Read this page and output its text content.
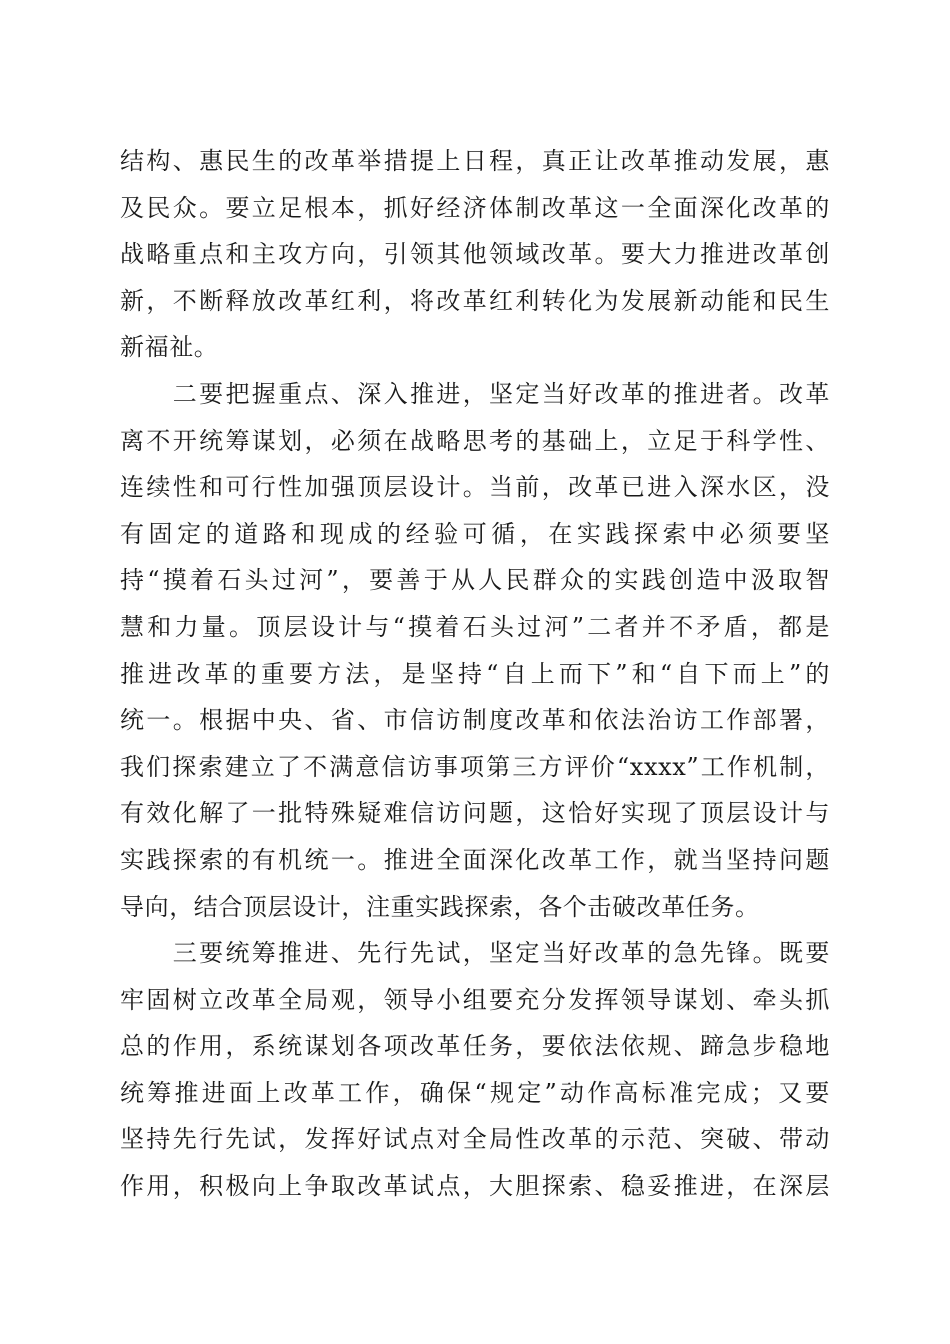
结构、惠民生的改革举措提上日程，真正让改革推动发展，惠
及民众。要立足根本，抓好经济体制改革这一全面深化改革的
战略重点和主攻方向，引领其他领域改革。要大力推进改革创
新，不断释放改革红利，将改革红利转化为发展新动能和民生
新福祉。
　　二要把握重点、深入推进，坚定当好改革的推进者。改革
离不开统筹谋划，必须在战略思考的基础上，立足于科学性、
连续性和可行性加强顶层设计。当前，改革已进入深水区，没
有固定的道路和现成的经验可循，在实践探索中必须要坚
持“摸着石头过河”，要善于从人民群众的实践创造中汲取智
慧和力量。顶层设计与“摸着石头过河”二者并不矛盾，都是
推进改革的重要方法，是坚持“自上而下”和“自下而上”的
统一。根据中央、省、市信访制度改革和依法治访工作部署，
我们探索建立了不满意信访事项第三方评价“xxxx”工作机制，
有效化解了一批特殊疑难信访问题，这恰好实现了顶层设计与
实践探索的有机统一。推进全面深化改革工作，就当坚持问题
导向，结合顶层设计，注重实践探索，各个击破改革任务。
　　三要统筹推进、先行先试，坚定当好改革的急先锋。既要
牢固树立改革全局观，领导小组要充分发挥领导谋划、牵头抓
总的作用，系统谋划各项改革任务，要依法依规、蹄急步稳地
统筹推进面上改革工作，确保“规定”动作高标准完成；又要
坚持先行先试，发挥好试点对全局性改革的示范、突破、带动
作用，积极向上争取改革试点，大胆探索、稳妥推进，在深层
